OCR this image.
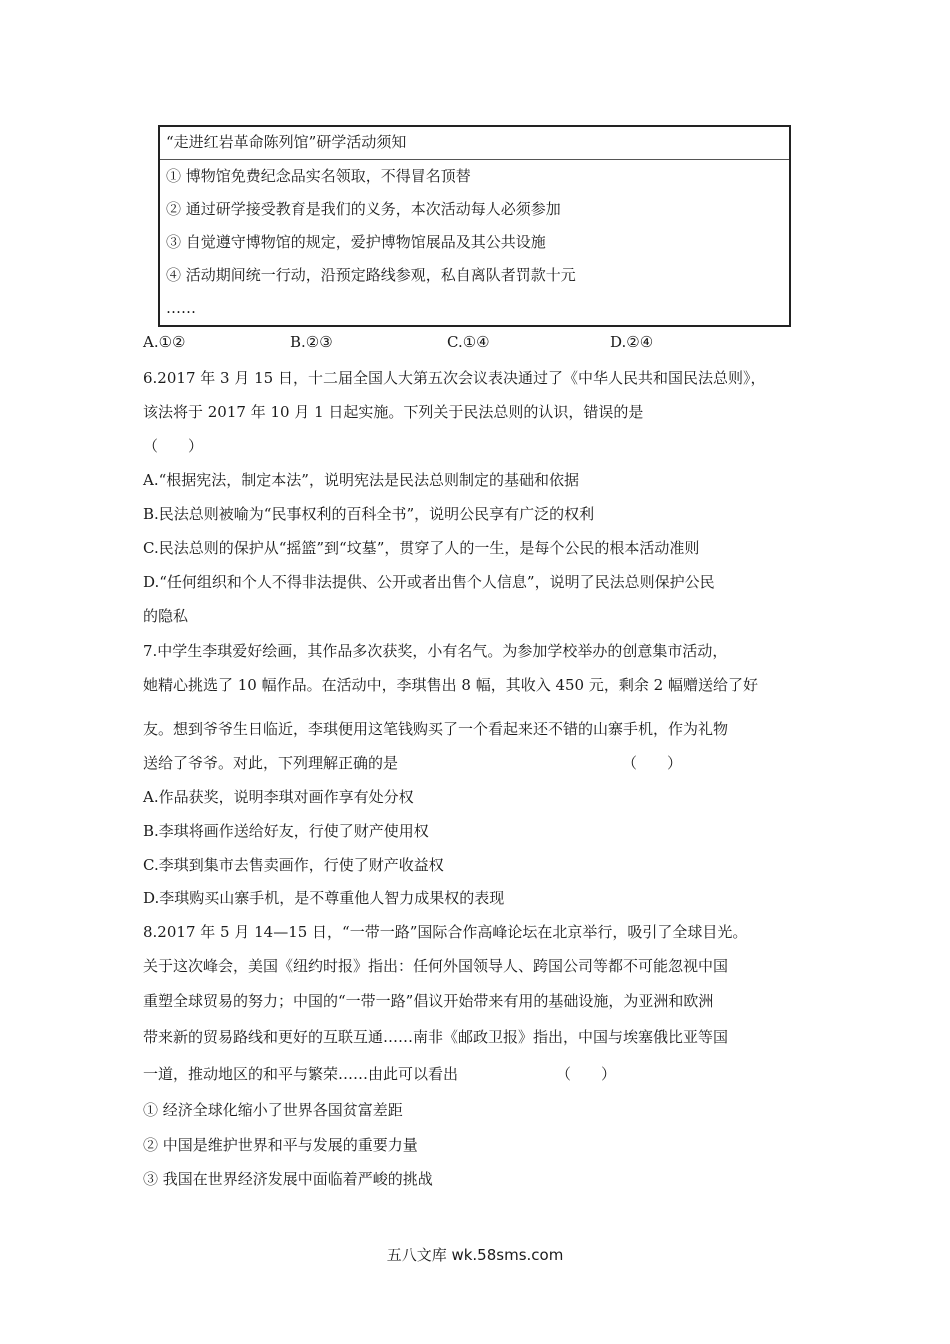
“走进红岩革命陈列馆”研学活动须知
① 博物馆免费纪念品实名领取，不得冒名顶替
② 通过研学接受教育是我们的义务，本次活动每人必须参加
③ 自觉遵守博物馆的规定，爱护博物馆展品及其公共设施
④ 活动期间统一行动，沿预定路线参观，私自离队者罚款十元
……
A.①②	B.②③	C.①④	D.②④
6.2017 年 3 月 15 日，十二届全国人大第五次会议表决通过了《中华人民共和国民法总则》，
该法将于 2017 年 10 月 1 日起实施。下列关于民法总则的认识，错误的是
（　　）
A.“根据宪法，制定本法”，说明宪法是民法总则制定的基础和依据
B.民法总则被喻为“民事权利的百科全书”，说明公民享有广泛的权利
C.民法总则的保护从“摇篮”到“坟墓”，贯穿了人的一生，是每个公民的根本活动准则
D.“任何组织和个人不得非法提供、公开或者出售个人信息”，说明了民法总则保护公民
的隐私
7.中学生李琪爱好绘画，其作品多次获奖，小有名气。为参加学校举办的创意集市活动，
她精心挑选了 10 幅作品。在活动中，李琪售出 8 幅，其收入 450 元，剩余 2 幅赠送给了好
友。想到爷爷生日临近，李琪便用这笔钱购买了一个看起来还不错的山寨手机，作为礼物
送给了爷爷。对此，下列理解正确的是	（　　）
A.作品获奖，说明李琪对画作享有处分权
B.李琪将画作送给好友，行使了财产使用权
C.李琪到集市去售卖画作，行使了财产收益权
D.李琪购买山寨手机，是不尊重他人智力成果权的表现
8.2017 年 5 月 14—15 日，“一带一路”国际合作高峰论坛在北京举行，吸引了全球目光。
关于这次峰会，美国《纽约时报》指出：任何外国领导人、跨国公司等都不可能忽视中国
重塑全球贸易的努力；中国的“一带一路”倡议开始带来有用的基础设施，为亚洲和欧洲
带来新的贸易路线和更好的互联互通……南非《邮政卫报》指出，中国与埃塞俄比亚等国
一道，推动地区的和平与繁荣……由此可以看出	（　　）
① 经济全球化缩小了世界各国贫富差距
② 中国是维护世界和平与发展的重要力量
③ 我国在世界经济发展中面临着严峻的挑战
五八文库 wk.58sms.com
